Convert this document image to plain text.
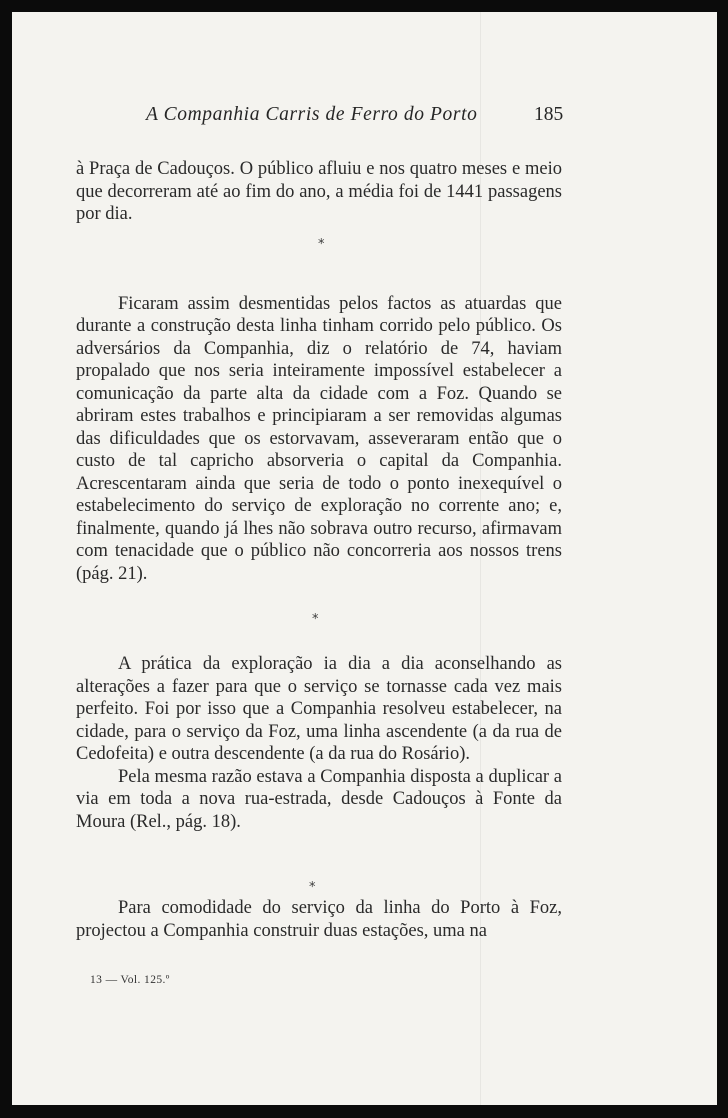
A Companhia Carris de Ferro do Porto	185

à Praça de Cadouços. O público afluiu e nos quatro meses e meio que decorreram até ao fim do ano, a média foi de 1441 passagens por dia.

Ficaram assim desmentidas pelos factos as atuardas que durante a construção desta linha tinham corrido pelo público. Os adversários da Companhia, diz o relatório de 74, haviam propalado que nos seria inteiramente impossível estabelecer a comunicação da parte alta da cidade com a Foz. Quando se abriram estes trabalhos e principiaram a ser removidas algumas das dificuldades que os estorvavam, asseveraram então que o custo de tal capricho absorveria o capital da Companhia. Acrescentaram ainda que seria de todo o ponto inexequível o estabelecimento do serviço de exploração no corrente ano; e, finalmente, quando já lhes não sobrava outro recurso, afirmavam com tenacidade que o público não concorreria aos nossos trens (pág. 21).

A prática da exploração ia dia a dia aconselhando as alterações a fazer para que o serviço se tornasse cada vez mais perfeito. Foi por isso que a Companhia resolveu estabelecer, na cidade, para o serviço da Foz, uma linha ascendente (a da rua de Cedofeita) e outra descendente (a da rua do Rosário).

Pela mesma razão estava a Companhia disposta a duplicar a via em toda a nova rua-estrada, desde Cadouços à Fonte da Moura (Rel., pág. 18).

Para comodidade do serviço da linha do Porto à Foz, projectou a Companhia construir duas estações, uma na

*
*
*
13 — Vol. 125.º
